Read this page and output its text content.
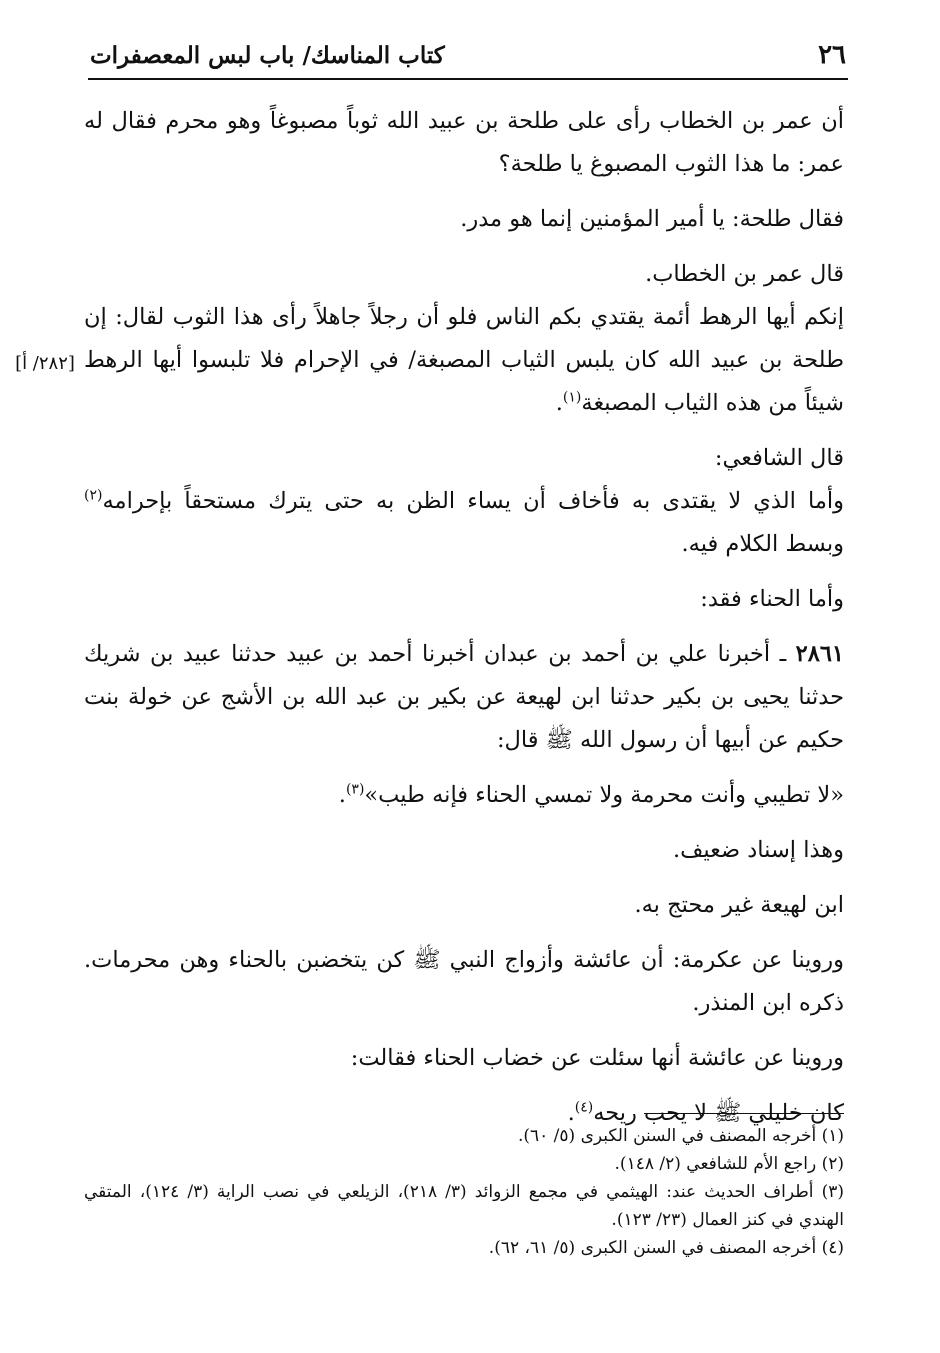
٢٦
كتاب المناسك/ باب لبس المعصفرات
[٢٨٢/ أ]

أن عمر بن الخطاب رأى على طلحة بن عبيد الله ثوباً مصبوغاً وهو محرم فقال له عمر: ما هذا الثوب المصبوغ يا طلحة؟

فقال طلحة: يا أمير المؤمنين إنما هو مدر.

قال عمر بن الخطاب.

إنكم أيها الرهط أئمة يقتدي بكم الناس فلو أن رجلاً جاهلاً رأى هذا الثوب لقال: إن طلحة بن عبيد الله كان يلبس الثياب المصبغة/ في الإحرام فلا تلبسوا أيها الرهط شيئاً من هذه الثياب المصبغة$^{(١)}$.

قال الشافعي:

وأما الذي لا يقتدى به فأخاف أن يساء الظن به حتى يترك مستحقاً بإحرامه$^{(٢)}$ وبسط الكلام فيه.

وأما الحناء فقد:

٢٨٦١ ـ أخبرنا علي بن أحمد بن عبدان أخبرنا أحمد بن عبيد حدثنا عبيد بن شريك حدثنا يحيى بن بكير حدثنا ابن لهيعة عن بكير بن عبد الله بن الأشج عن خولة بنت حكيم عن أبيها أن رسول الله ﷺ قال:

«لا تطيبي وأنت محرمة ولا تمسي الحناء فإنه طيب»$^{(٣)}$.

وهذا إسناد ضعيف.

ابن لهيعة غير محتج به.

وروينا عن عكرمة: أن عائشة وأزواج النبي ﷺ كن يتخضبن بالحناء وهن محرمات. ذكره ابن المنذر.

وروينا عن عائشة أنها سئلت عن خضاب الحناء فقالت:

كان خليلي ﷺ لا يحب ريحه$^{(٤)}$.

(١) أخرجه المصنف في السنن الكبرى (٥/ ٦٠).
(٢) راجع الأم للشافعي (٢/ ١٤٨).
(٣) أطراف الحديث عند: الهيثمي في مجمع الزوائد (٣/ ٢١٨)، الزيلعي في نصب الراية (٣/ ١٢٤)، المتقي الهندي في كنز العمال (٢٣/ ١٢٣).
(٤) أخرجه المصنف في السنن الكبرى (٥/ ٦١، ٦٢).
